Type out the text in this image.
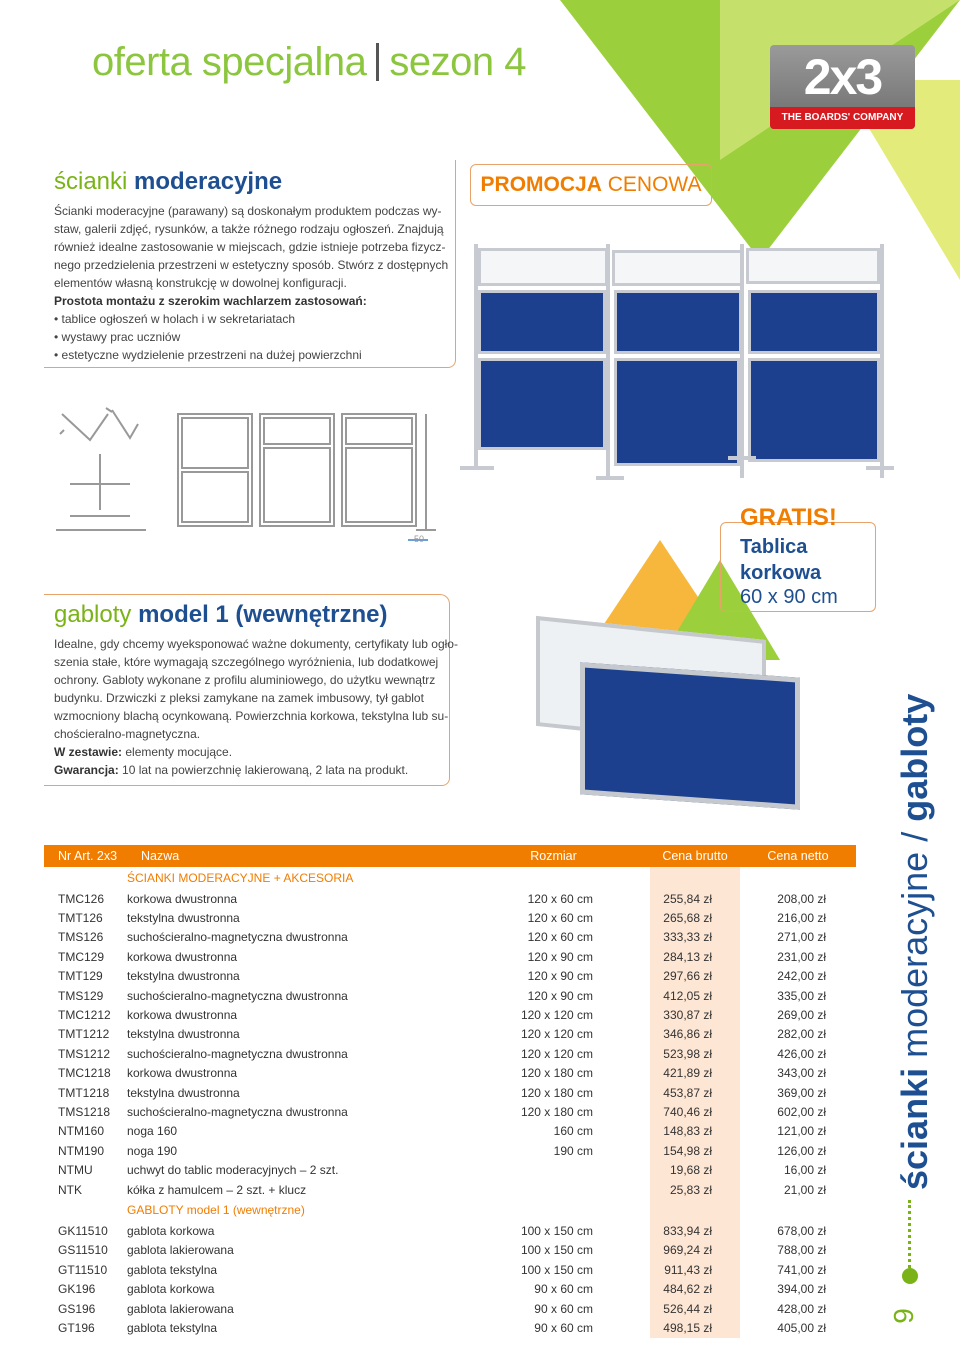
oferta specjalna sezon 4	2x3
THE BOARDS' COMPANY
ścianki moderacyjne
Ścianki moderacyjne (parawany) są doskonałym produktem podczas wy-
staw, galerii zdjęć, rysunków, a także różnego rodzaju ogłoszeń. Znajdują
również idealne zastosowanie w miejscach, gdzie istnieje potrzeba fizycz-
nego przedzielenia przestrzeni w estetyczny sposób. Stwórz z dostępnych
elementów własną konstrukcję w dowolnej konfiguracji.
Prostota montażu z szerokim wachlarzem zastosowań:
• tablice ogłoszeń w holach i w sekretariatach
• wystawy prac uczniów
• estetyczne wydzielenie przestrzeni na dużej powierzchni
PROMOCJA CENOWA
50
GRATIS!
Tablica
korkowa
60 x 90 cm
gabloty model 1 (wewnętrzne)
Idealne, gdy chcemy wyeksponować ważne dokumenty, certyfikaty lub ogło-
szenia stałe, które wymagają szczególnego wyróżnienia, lub dodatkowej
ochrony. Gabloty wykonane z profilu aluminiowego, do użytku wewnątrz
budynku. Drzwiczki z pleksi zamykane na zamek imbusowy, tył gablot
wzmocniony blachą ocynkowaną. Powierzchnia korkowa, tekstylna lub su-
chościeralno-magnetyczna.
W zestawie: elementy mocujące.
Gwarancja: 10 lat na powierzchnię lakierowaną, 2 lata na produkt.
Nr Art. 2x3	Nazwa	Rozmiar	Cena brutto	Cena netto
	ŚCIANKI MODERACYJNE + AKCESORIA			
TMC126	korkowa dwustronna	120 x 60 cm	255,84 zł	208,00 zł
TMT126	tekstylna dwustronna	120 x 60 cm	265,68 zł	216,00 zł
TMS126	suchościeralno-magnetyczna dwustronna	120 x 60 cm	333,33 zł	271,00 zł
TMC129	korkowa dwustronna	120 x 90 cm	284,13 zł	231,00 zł
TMT129	tekstylna dwustronna	120 x 90 cm	297,66 zł	242,00 zł
TMS129	suchościeralno-magnetyczna dwustronna	120 x 90 cm	412,05 zł	335,00 zł
TMC1212	korkowa dwustronna	120 x 120 cm	330,87 zł	269,00 zł
TMT1212	tekstylna dwustronna	120 x 120 cm	346,86 zł	282,00 zł
TMS1212	suchościeralno-magnetyczna dwustronna	120 x 120 cm	523,98 zł	426,00 zł
TMC1218	korkowa dwustronna	120 x 180 cm	421,89 zł	343,00 zł
TMT1218	tekstylna dwustronna	120 x 180 cm	453,87 zł	369,00 zł
TMS1218	suchościeralno-magnetyczna dwustronna	120 x 180 cm	740,46 zł	602,00 zł
NTM160	noga 160	160 cm	148,83 zł	121,00 zł
NTM190	noga 190	190 cm	154,98 zł	126,00 zł
NTMU	uchwyt do tablic moderacyjnych – 2 szt.		19,68 zł	16,00 zł
NTK	kółka z hamulcem – 2 szt. + klucz		25,83 zł	21,00 zł
	GABLOTY model 1 (wewnętrzne)			
GK11510	gablota korkowa	100 x 150 cm	833,94 zł	678,00 zł
GS11510	gablota lakierowana	100 x 150 cm	969,24 zł	788,00 zł
GT11510	gablota tekstylna	100 x 150 cm	911,43 zł	741,00 zł
GK196	gablota korkowa	90 x 60 cm	484,62 zł	394,00 zł
GS196	gablota lakierowana	90 x 60 cm	526,44 zł	428,00 zł
GT196	gablota tekstylna	90 x 60 cm	498,15 zł	405,00 zł
ścianki moderacyjne / gabloty
9
